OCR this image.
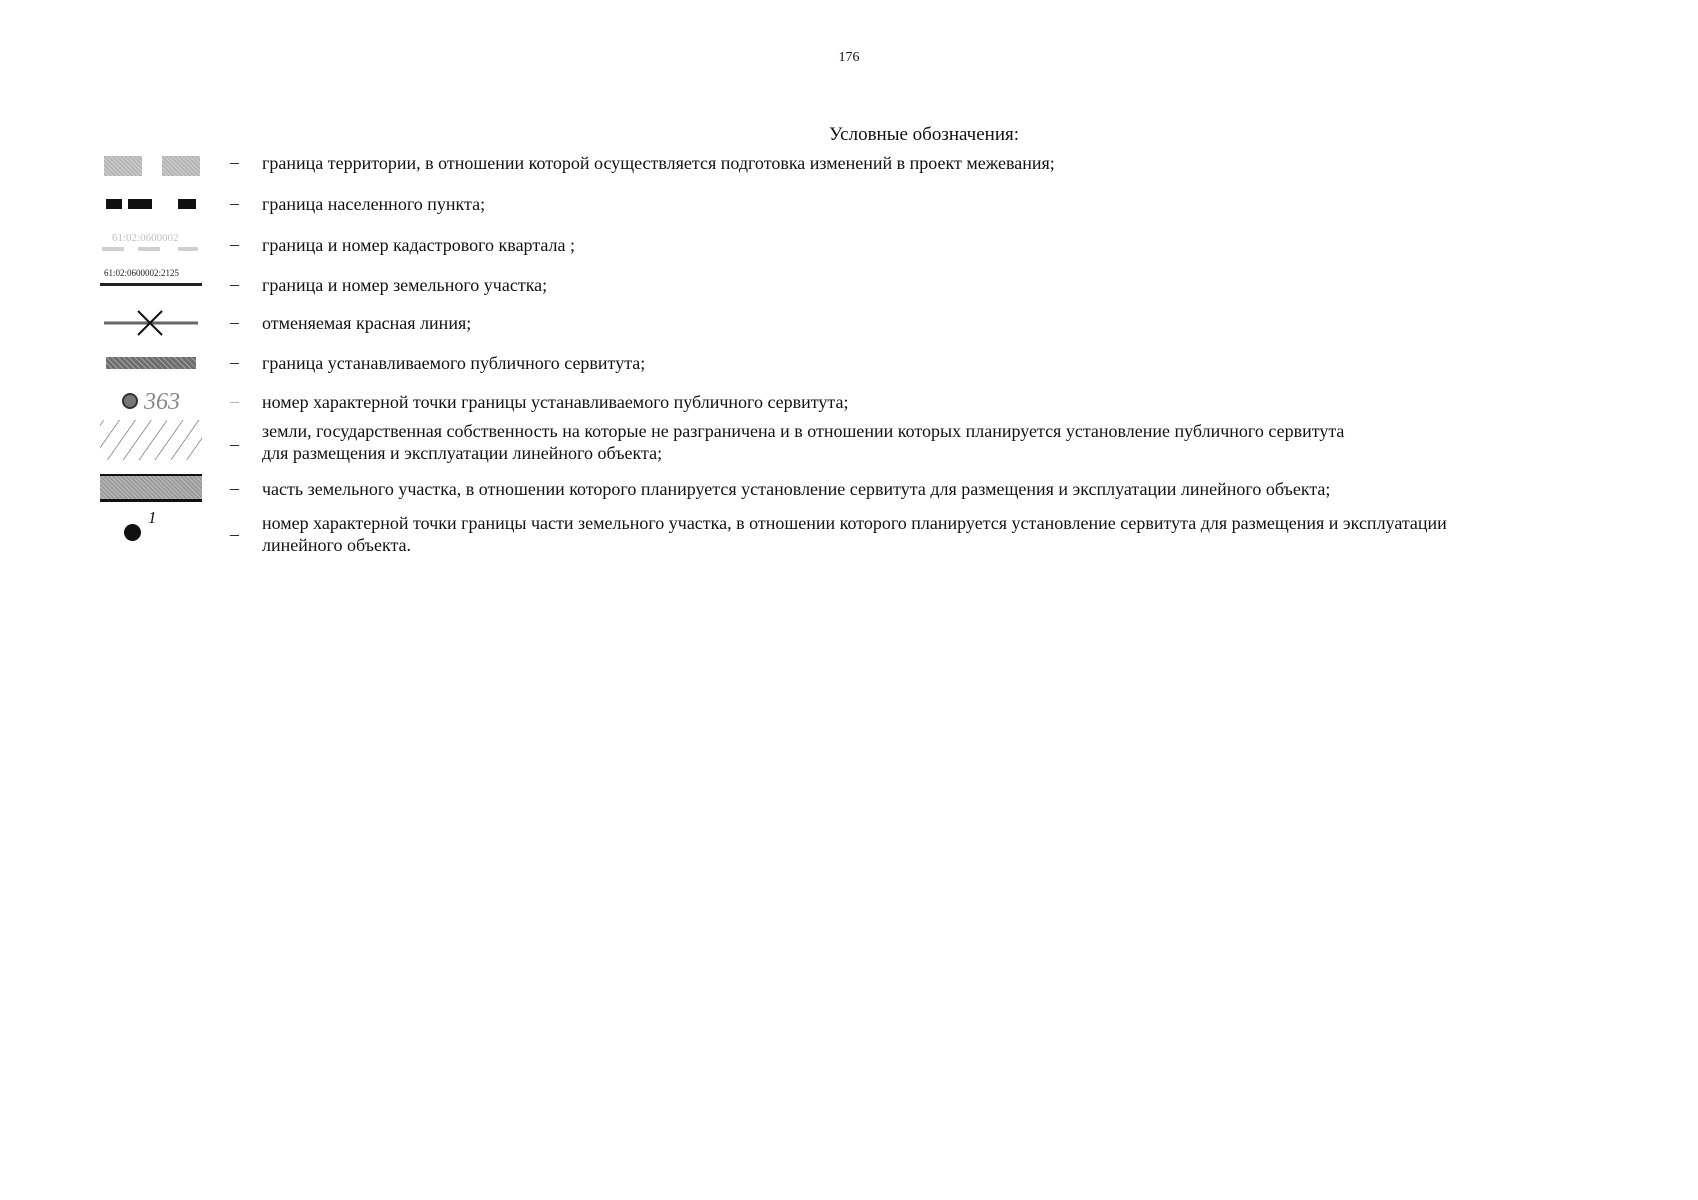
176
Условные обозначения:
– граница территории, в отношении которой осуществляется подготовка изменений в проект межевания;
– граница населенного пункта;
61:02:0600002	– граница и номер кадастрового квартала ;
61:02:0600002:2125
– граница и номер земельного участка;
– отменяемая красная линия;
– граница устанавливаемого публичного сервитута;
363	– номер характерной точки границы устанавливаемого публичного сервитута;
–
земли, государственная собственность на которые не разграничена и в отношении которых планируется установление публичного сервитута
для размещения и эксплуатации линейного объекта;
– часть земельного участка, в отношении которого планируется установление сервитута для размещения и эксплуатации линейного объекта;
1
–
номер характерной точки границы части земельного участка, в отношении которого планируется установление сервитута для размещения и эксплуатации
линейного объекта.
